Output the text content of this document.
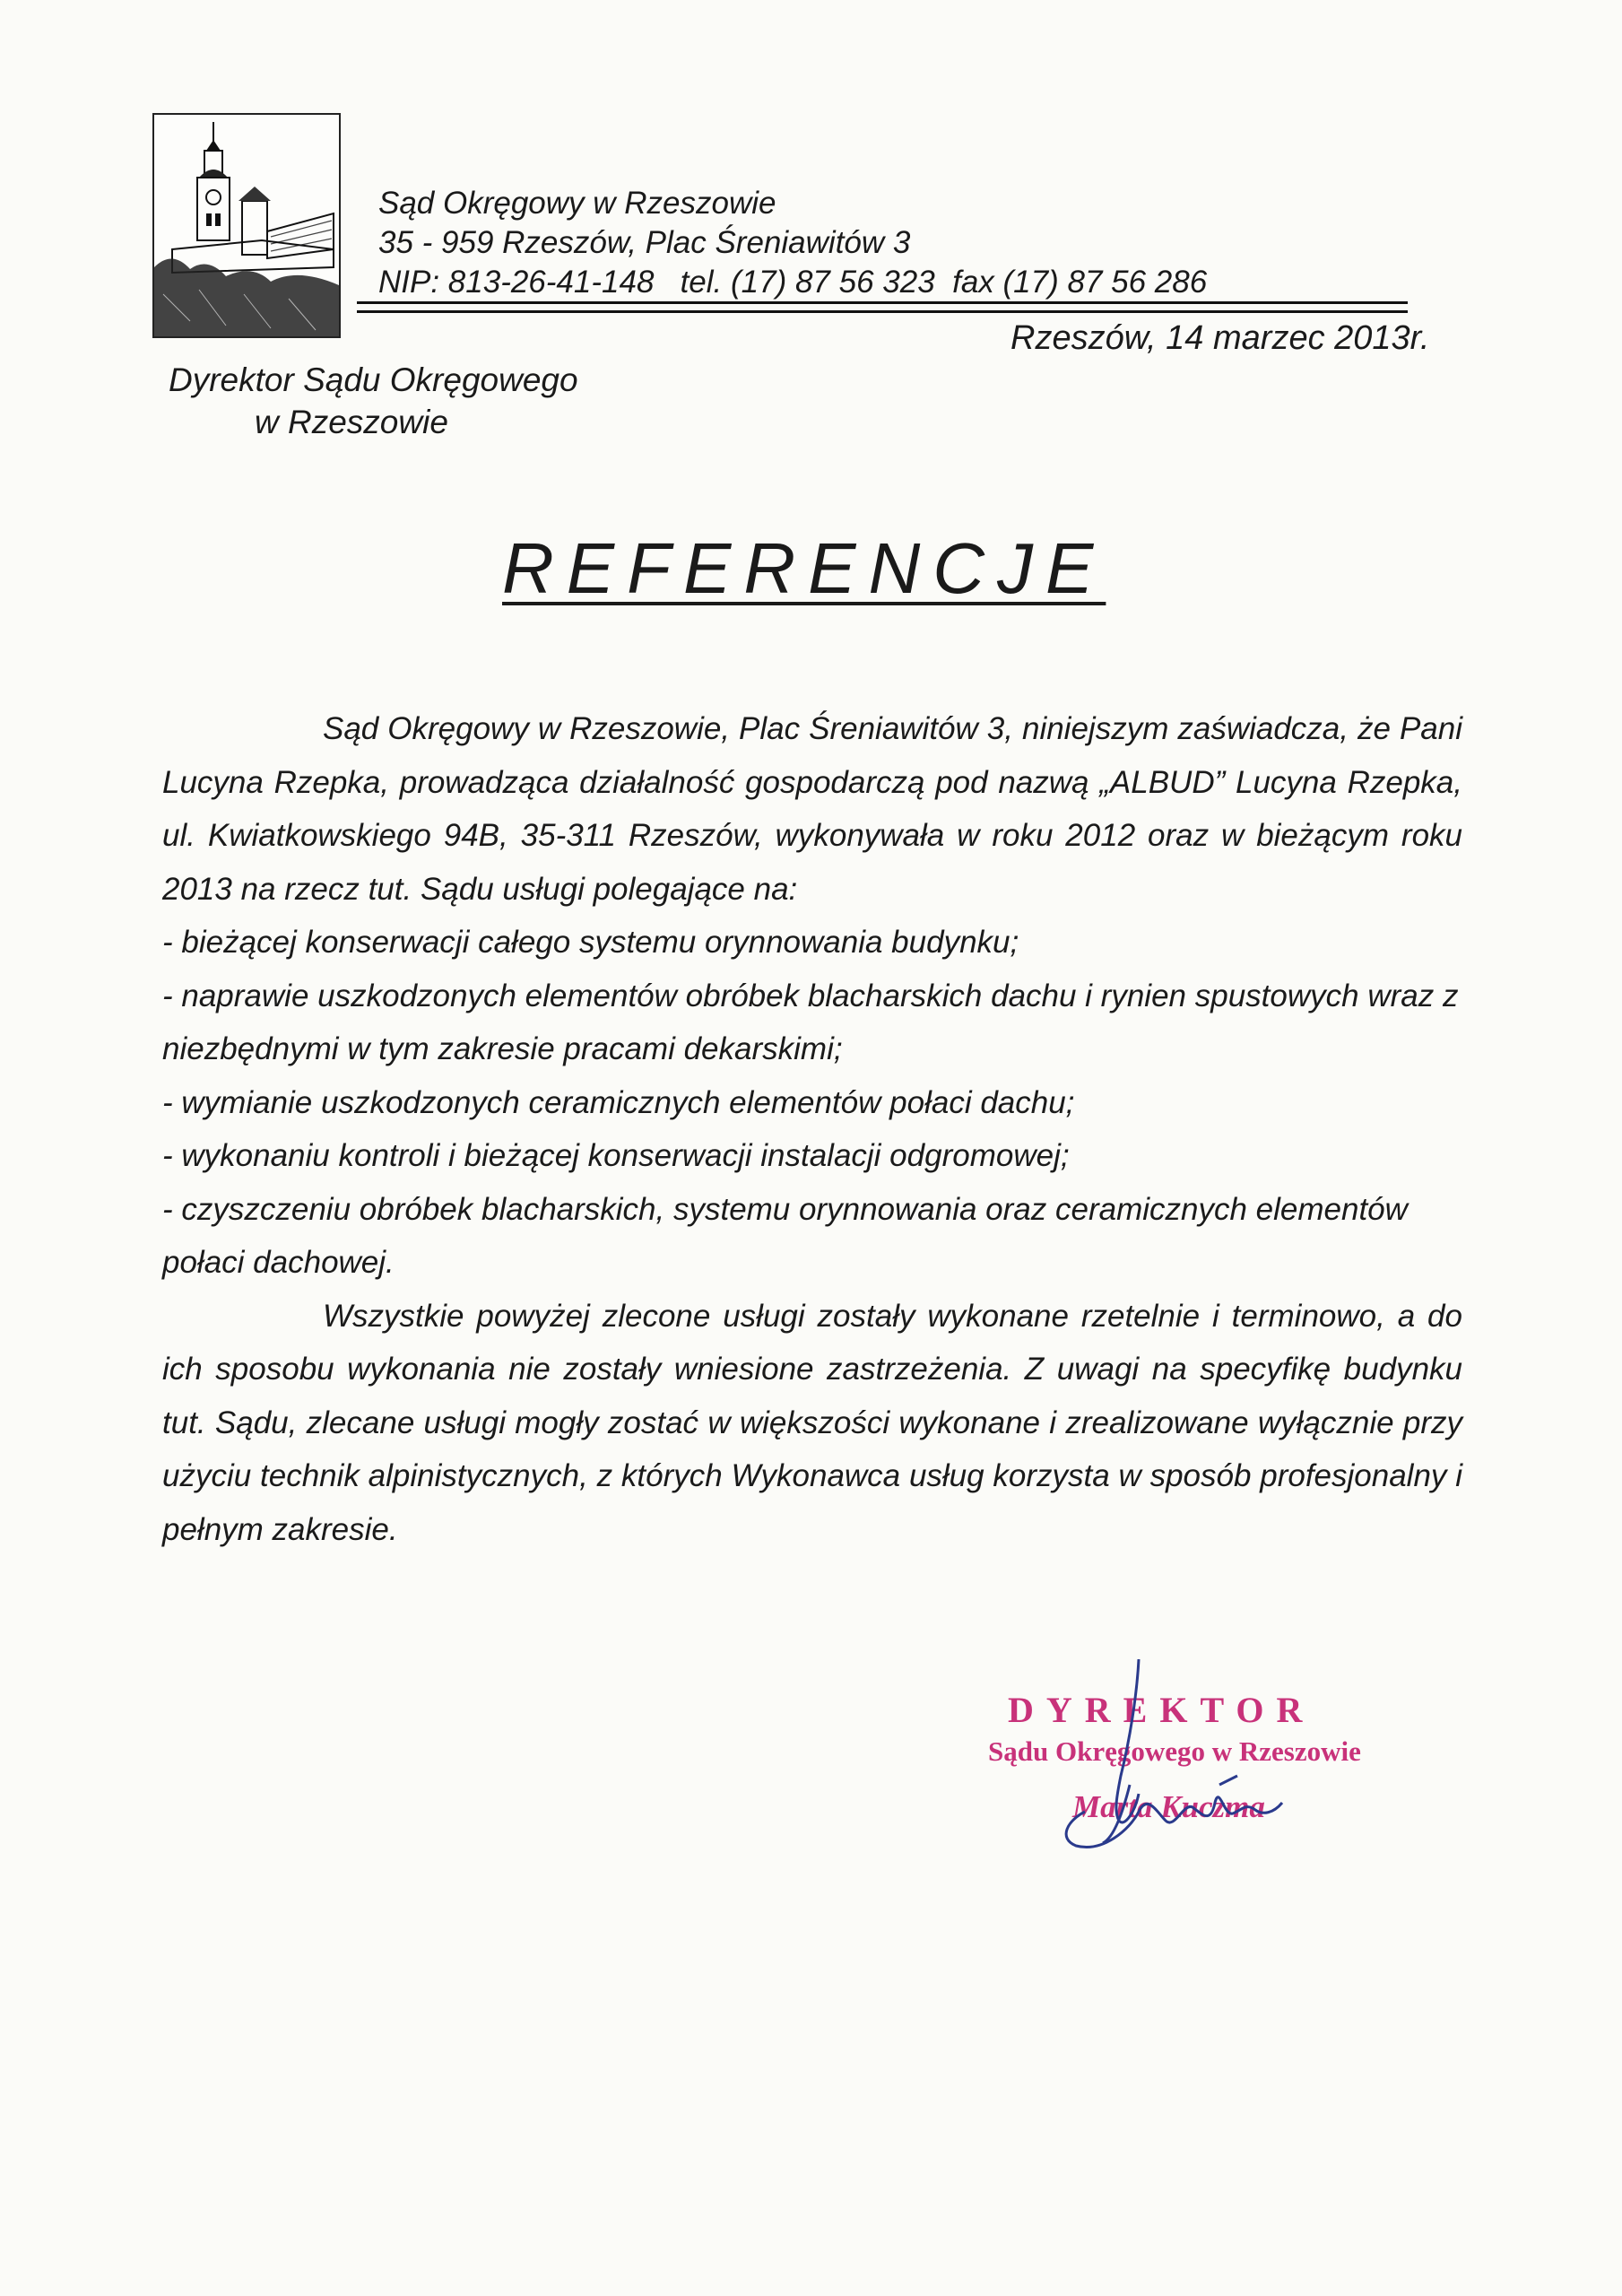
Sąd Okręgowy w Rzeszowie
35 - 959 Rzeszów, Plac Śreniawitów 3
NIP: 813-26-41-148   tel. (17) 87 56 323  fax (17) 87 56 286
Rzeszów, 14 marzec 2013r.
Dyrektor Sądu Okręgowego
w Rzeszowie
REFERENCJE

Sąd Okręgowy w Rzeszowie, Plac Śreniawitów 3, niniejszym zaświadcza, że Pani Lucyna Rzepka, prowadząca działalność gospodarczą pod nazwą „ALBUD” Lucyna Rzepka, ul. Kwiatkowskiego 94B, 35-311 Rzeszów, wykonywała w roku 2012 oraz w bieżącym roku 2013 na rzecz tut. Sądu usługi polegające na:

- bieżącej konserwacji całego systemu orynnowania budynku;
- naprawie uszkodzonych elementów obróbek blacharskich dachu i rynien spustowych wraz z niezbędnymi w tym zakresie pracami dekarskimi;
- wymianie uszkodzonych ceramicznych elementów połaci dachu;
- wykonaniu kontroli i bieżącej konserwacji instalacji odgromowej;
- czyszczeniu obróbek blacharskich, systemu orynnowania oraz ceramicznych elementów połaci dachowej.

Wszystkie powyżej zlecone usługi zostały wykonane rzetelnie i terminowo, a do ich sposobu wykonania nie zostały wniesione zastrzeżenia. Z uwagi na specyfikę budynku tut. Sądu, zlecane usługi mogły zostać w większości wykonane i zrealizowane wyłącznie przy użyciu technik alpinistycznych, z których Wykonawca usług korzysta w sposób profesjonalny i pełnym zakresie.

DYREKTOR
Sądu Okręgowego w Rzeszowie
Marta Kuczma
